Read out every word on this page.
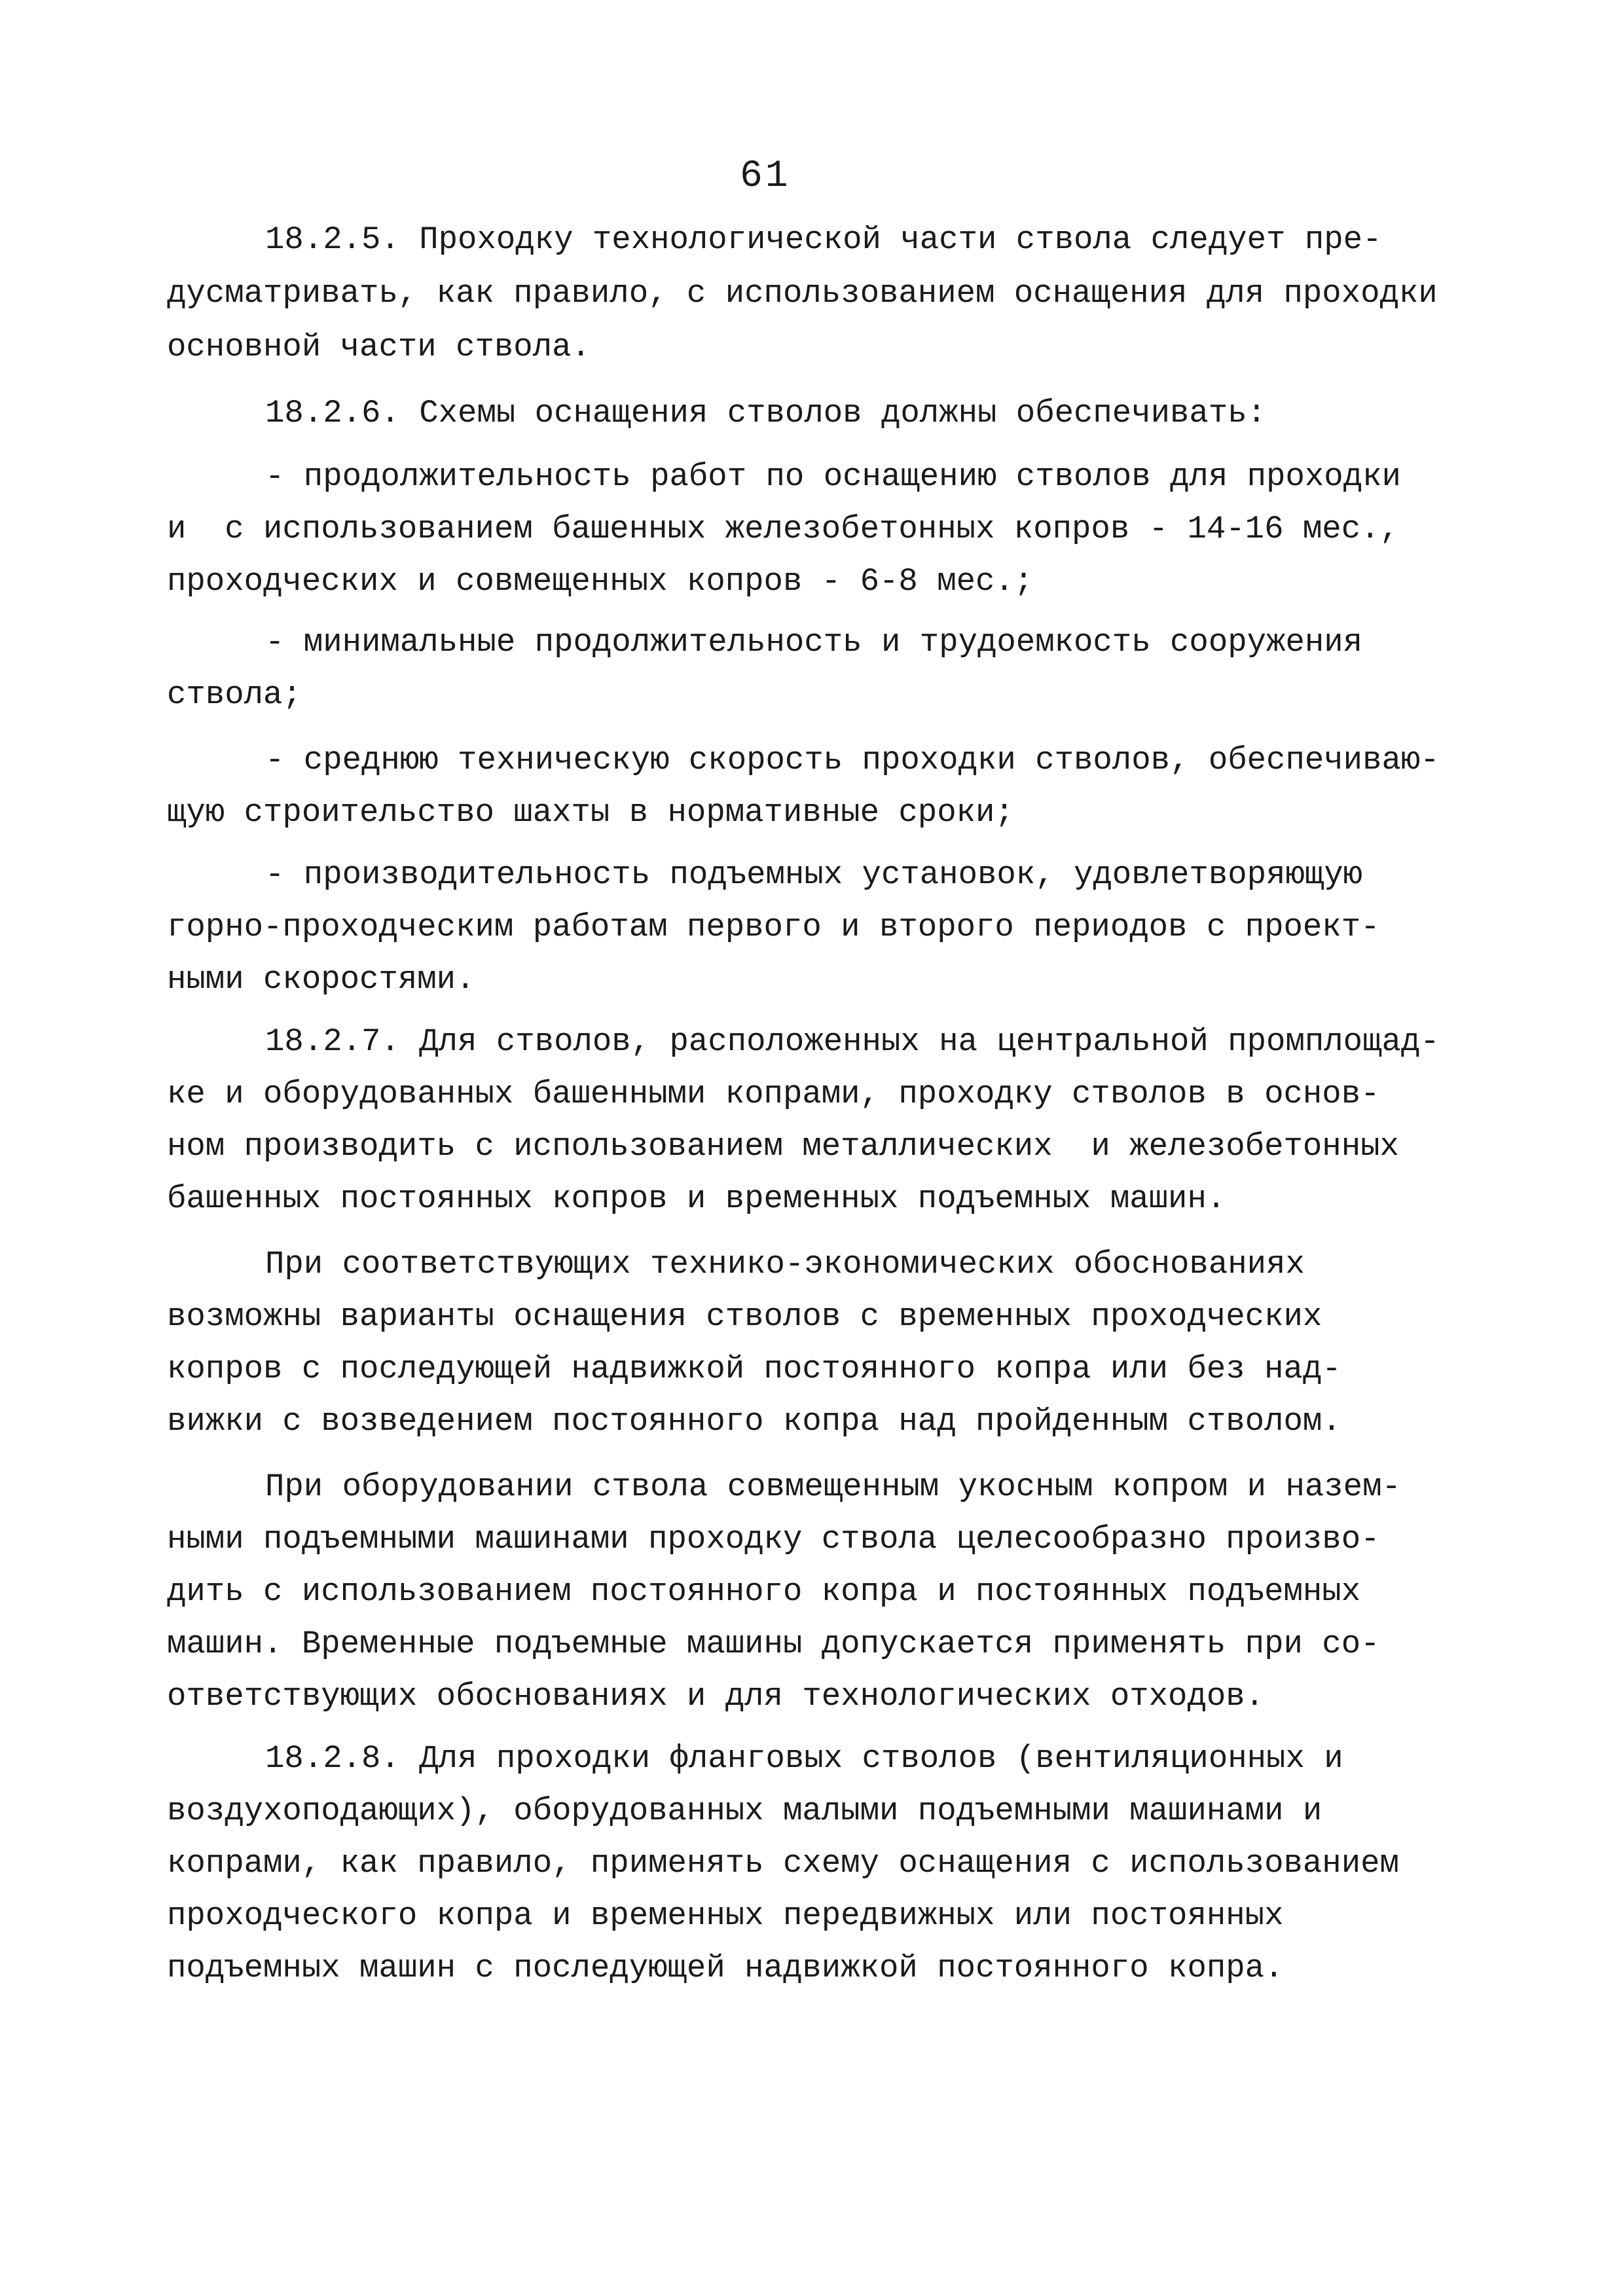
61
18.2.5. Проходку технологической части ствола следует пре-
дусматривать, как правило, с использованием оснащения для проходки
основной части ствола.
18.2.6. Схемы оснащения стволов должны обеспечивать:
- продолжительность работ по оснащению стволов для проходки
и  с использованием башенных железобетонных копров - 14-16 мес.,
проходческих и совмещенных копров - 6-8 мес.;
- минимальные продолжительность и трудоемкость сооружения
ствола;
- среднюю техническую скорость проходки стволов, обеспечиваю-
щую строительство шахты в нормативные сроки;
- производительность подъемных установок, удовлетворяющую
горно-проходческим работам первого и второго периодов с проект-
ными скоростями.
18.2.7. Для стволов, расположенных на центральной промплощад-
ке и оборудованных башенными копрами, проходку стволов в основ-
ном производить с использованием металлических  и железобетонных
башенных постоянных копров и временных подъемных машин.
При соответствующих технико-экономических обоснованиях
возможны варианты оснащения стволов с временных проходческих
копров с последующей надвижкой постоянного копра или без над-
вижки с возведением постоянного копра над пройденным стволом.
При оборудовании ствола совмещенным укосным копром и назем-
ными подъемными машинами проходку ствола целесообразно произво-
дить с использованием постоянного копра и постоянных подъемных
машин. Временные подъемные машины допускается применять при со-
ответствующих обоснованиях и для технологических отходов.
18.2.8. Для проходки фланговых стволов (вентиляционных и
воздухоподающих), оборудованных малыми подъемными машинами и
копрами, как правило, применять схему оснащения с использованием
проходческого копра и временных передвижных или постоянных
подъемных машин с последующей надвижкой постоянного копра.
